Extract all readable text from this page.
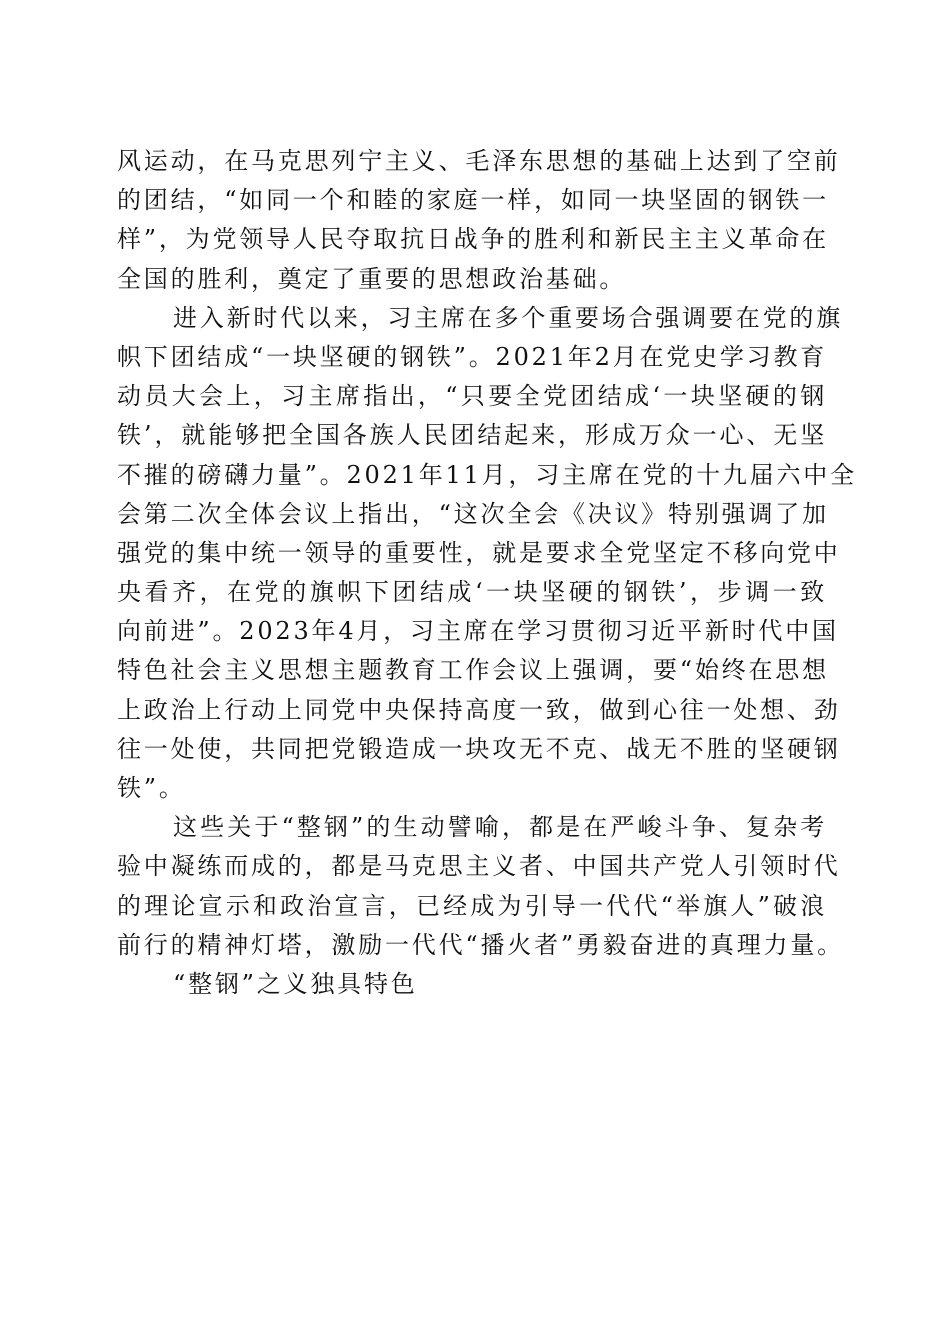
风运动，在马克思列宁主义、毛泽东思想的基础上达到了空前
的团结，“如同一个和睦的家庭一样，如同一块坚固的钢铁一
样”，为党领导人民夺取抗日战争的胜利和新民主主义革命在
全国的胜利，奠定了重要的思想政治基础。
进入新时代以来，习主席在多个重要场合强调要在党的旗
帜下团结成“一块坚硬的钢铁”。2021年2月在党史学习教育
动员大会上，习主席指出，“只要全党团结成‘一块坚硬的钢
铁’，就能够把全国各族人民团结起来，形成万众一心、无坚
不摧的磅礴力量”。2021年11月，习主席在党的十九届六中全
会第二次全体会议上指出，“这次全会《决议》特别强调了加
强党的集中统一领导的重要性，就是要求全党坚定不移向党中
央看齐，在党的旗帜下团结成‘一块坚硬的钢铁’，步调一致
向前进”。2023年4月，习主席在学习贯彻习近平新时代中国
特色社会主义思想主题教育工作会议上强调，要“始终在思想
上政治上行动上同党中央保持高度一致，做到心往一处想、劲
往一处使，共同把党锻造成一块攻无不克、战无不胜的坚硬钢
铁”。
这些关于“整钢”的生动譬喻，都是在严峻斗争、复杂考
验中凝练而成的，都是马克思主义者、中国共产党人引领时代
的理论宣示和政治宣言，已经成为引导一代代“举旗人”破浪
前行的精神灯塔，激励一代代“播火者”勇毅奋进的真理力量。
“整钢”之义独具特色
